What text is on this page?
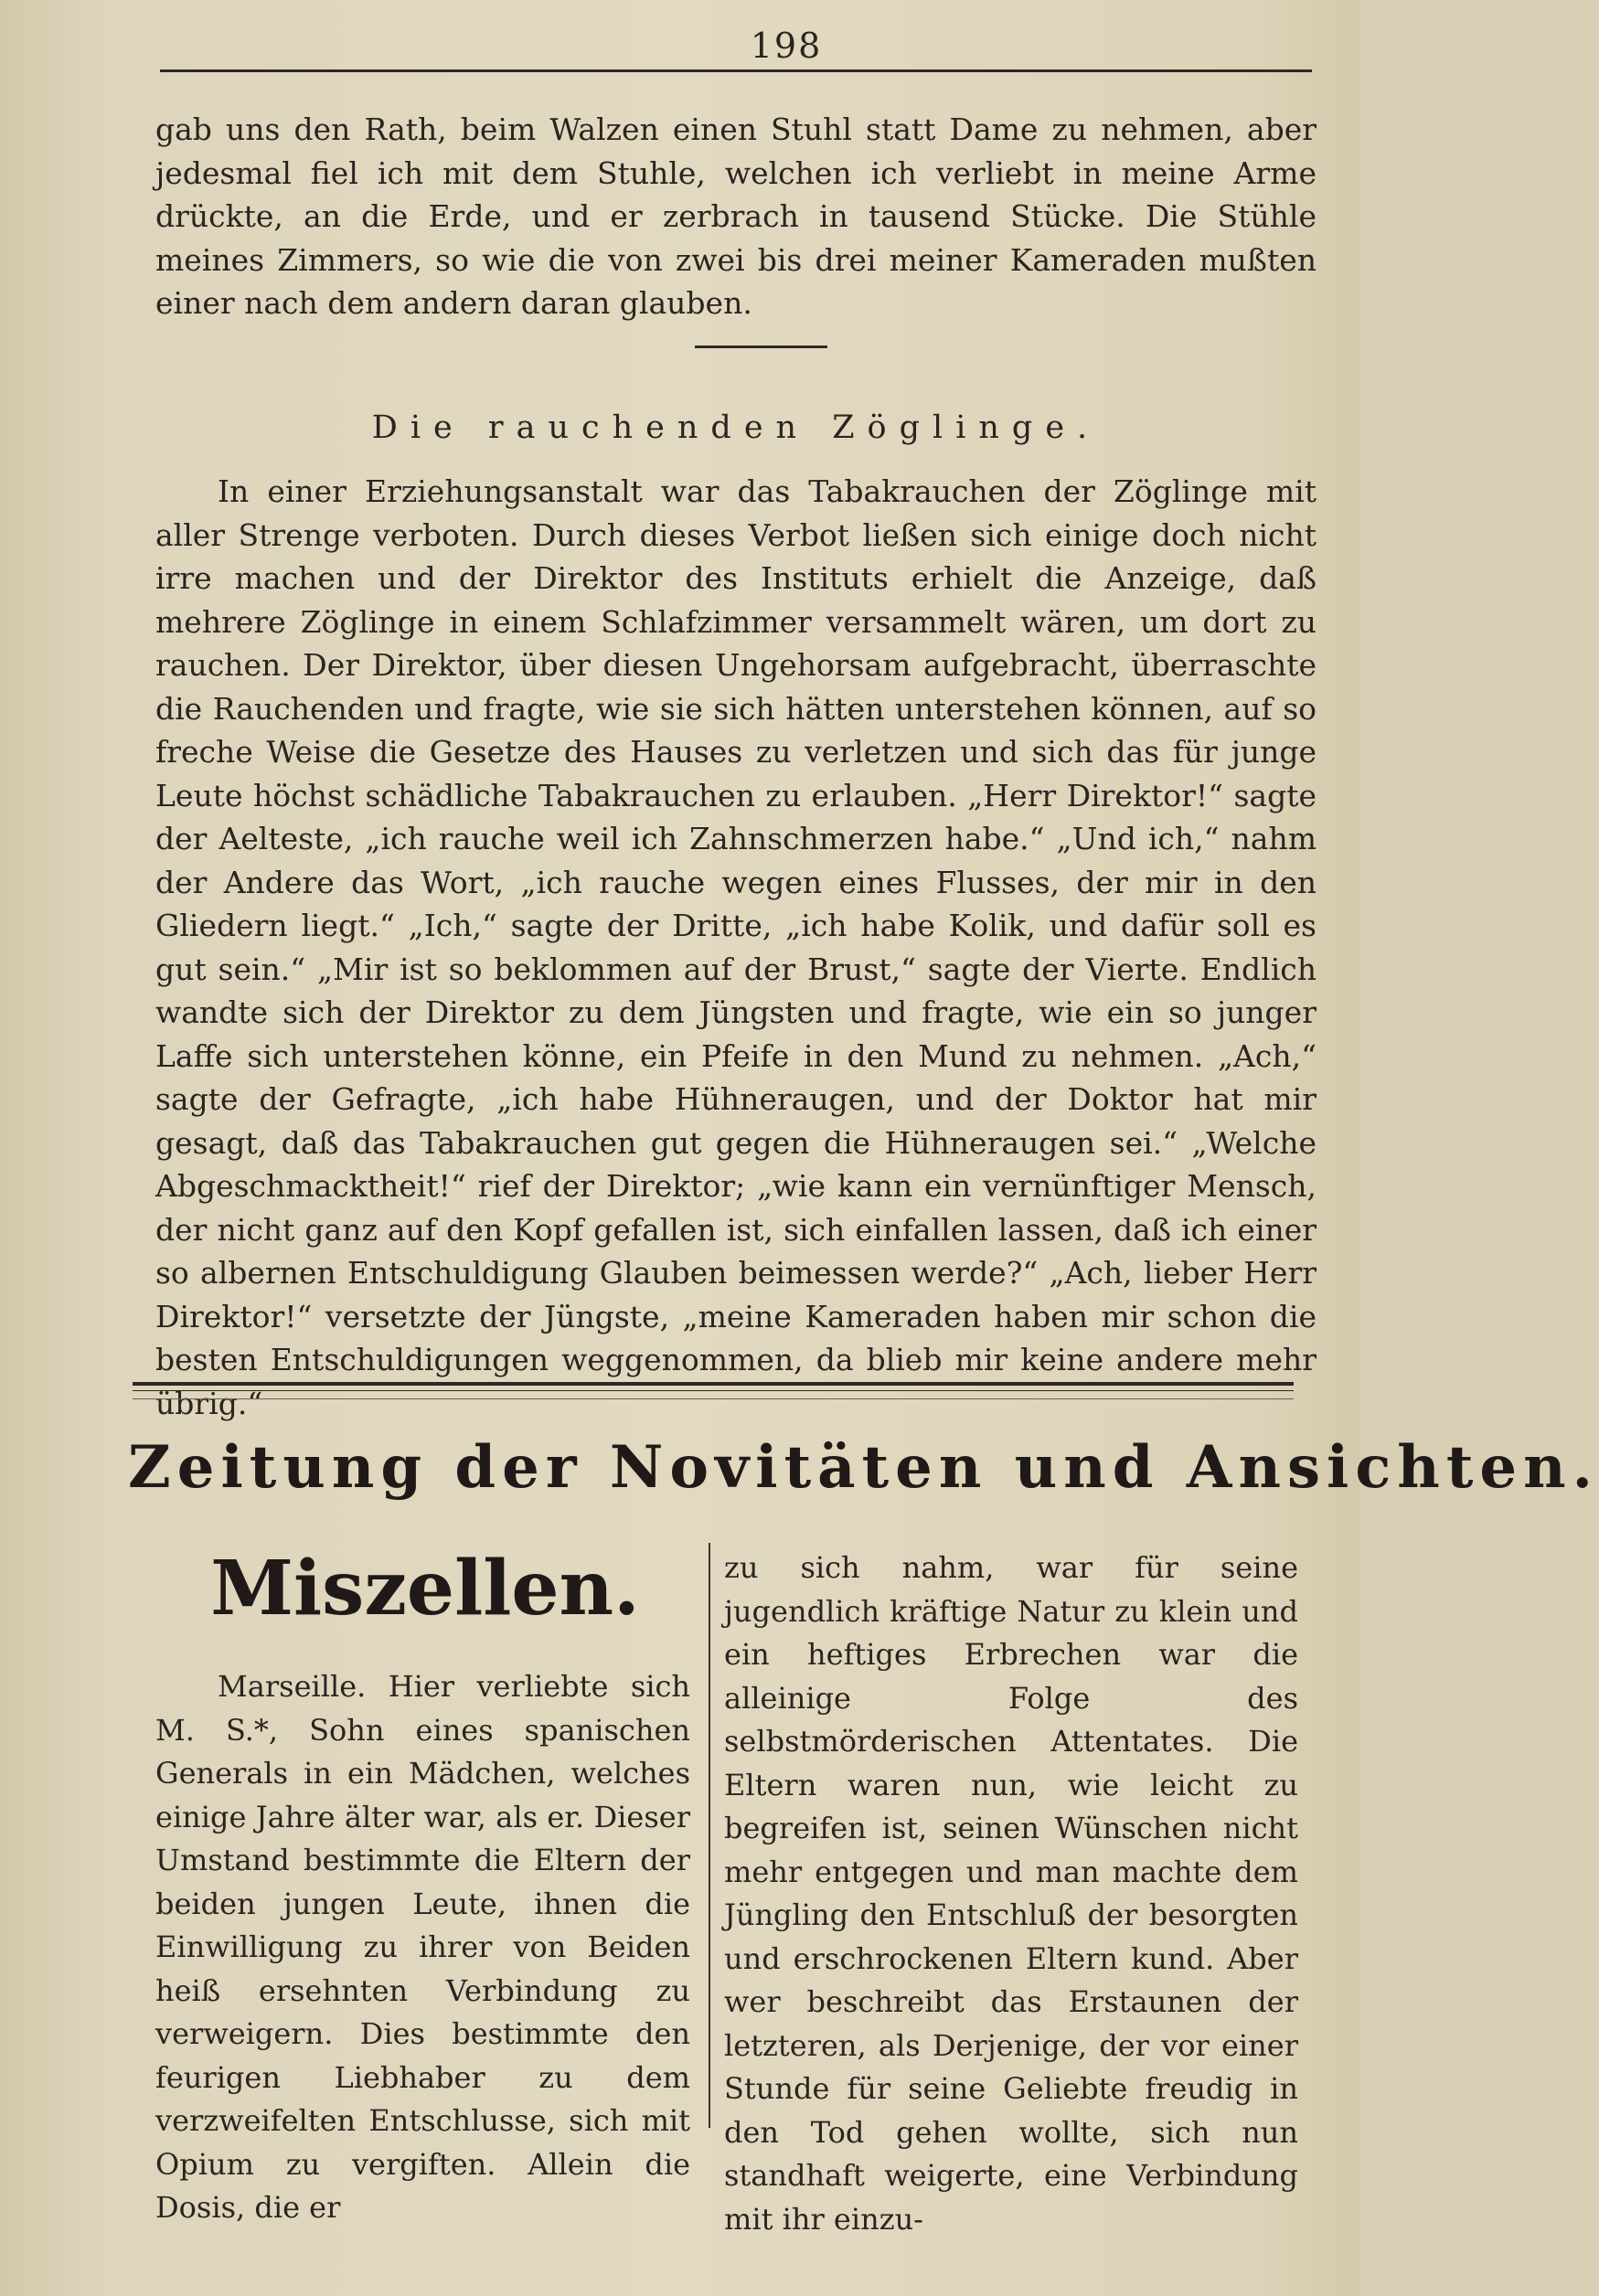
198

gab uns den Rath, beim Walzen einen Stuhl statt Dame zu nehmen, aber jedesmal fiel ich mit dem Stuhle, welchen ich verliebt in meine Arme drückte, an die Erde, und er zerbrach in tausend Stücke. Die Stühle meines Zimmers, so wie die von zwei bis drei meiner Kameraden mußten einer nach dem andern daran glauben.

Die rauchenden Zöglinge.

In einer Erziehungsanstalt war das Tabakrauchen der Zöglinge mit aller Strenge verboten. Durch dieses Verbot ließen sich einige doch nicht irre machen und der Direktor des Instituts erhielt die Anzeige, daß mehrere Zöglinge in einem Schlafzimmer versammelt wären, um dort zu rauchen. Der Direktor, über diesen Ungehorsam aufgebracht, überraschte die Rauchenden und fragte, wie sie sich hätten unterstehen können, auf so freche Weise die Gesetze des Hauses zu verletzen und sich das für junge Leute höchst schädliche Tabakrauchen zu erlauben. „Herr Direktor!“ sagte der Aelteste, „ich rauche weil ich Zahnschmerzen habe.“ „Und ich,“ nahm der Andere das Wort, „ich rauche wegen eines Flusses, der mir in den Gliedern liegt.“ „Ich,“ sagte der Dritte, „ich habe Kolik, und dafür soll es gut sein.“ „Mir ist so beklommen auf der Brust,“ sagte der Vierte. Endlich wandte sich der Direktor zu dem Jüngsten und fragte, wie ein so junger Laffe sich unterstehen könne, ein Pfeife in den Mund zu nehmen. „Ach,“ sagte der Gefragte, „ich habe Hühneraugen, und der Doktor hat mir gesagt, daß das Tabakrauchen gut gegen die Hühneraugen sei.“ „Welche Abgeschmacktheit!“ rief der Direktor; „wie kann ein vernünftiger Mensch, der nicht ganz auf den Kopf gefallen ist, sich einfallen lassen, daß ich einer so albernen Entschuldigung Glauben beimessen werde?“ „Ach, lieber Herr Direktor!“ versetzte der Jüngste, „meine Kameraden haben mir schon die besten Entschuldigungen weggenommen, da blieb mir keine andere mehr übrig.“

Zeitung der Novitäten und Ansichten.
Miszellen.

Marseille. Hier verliebte sich M. S.*, Sohn eines spanischen Generals in ein Mädchen, welches einige Jahre älter war, als er. Dieser Umstand bestimmte die Eltern der beiden jungen Leute, ihnen die Einwilligung zu ihrer von Beiden heiß ersehnten Verbindung zu verweigern. Dies bestimmte den feurigen Liebhaber zu dem verzweifelten Entschlusse, sich mit Opium zu vergiften. Allein die Dosis, die er

zu sich nahm, war für seine jugendlich kräftige Natur zu klein und ein heftiges Erbrechen war die alleinige Folge des selbstmörderischen Attentates. Die Eltern waren nun, wie leicht zu begreifen ist, seinen Wünschen nicht mehr entgegen und man machte dem Jüngling den Entschluß der besorgten und erschrockenen Eltern kund. Aber wer beschreibt das Erstaunen der letzteren, als Derjenige, der vor einer Stunde für seine Geliebte freudig in den Tod gehen wollte, sich nun standhaft weigerte, eine Verbindung mit ihr einzu-
